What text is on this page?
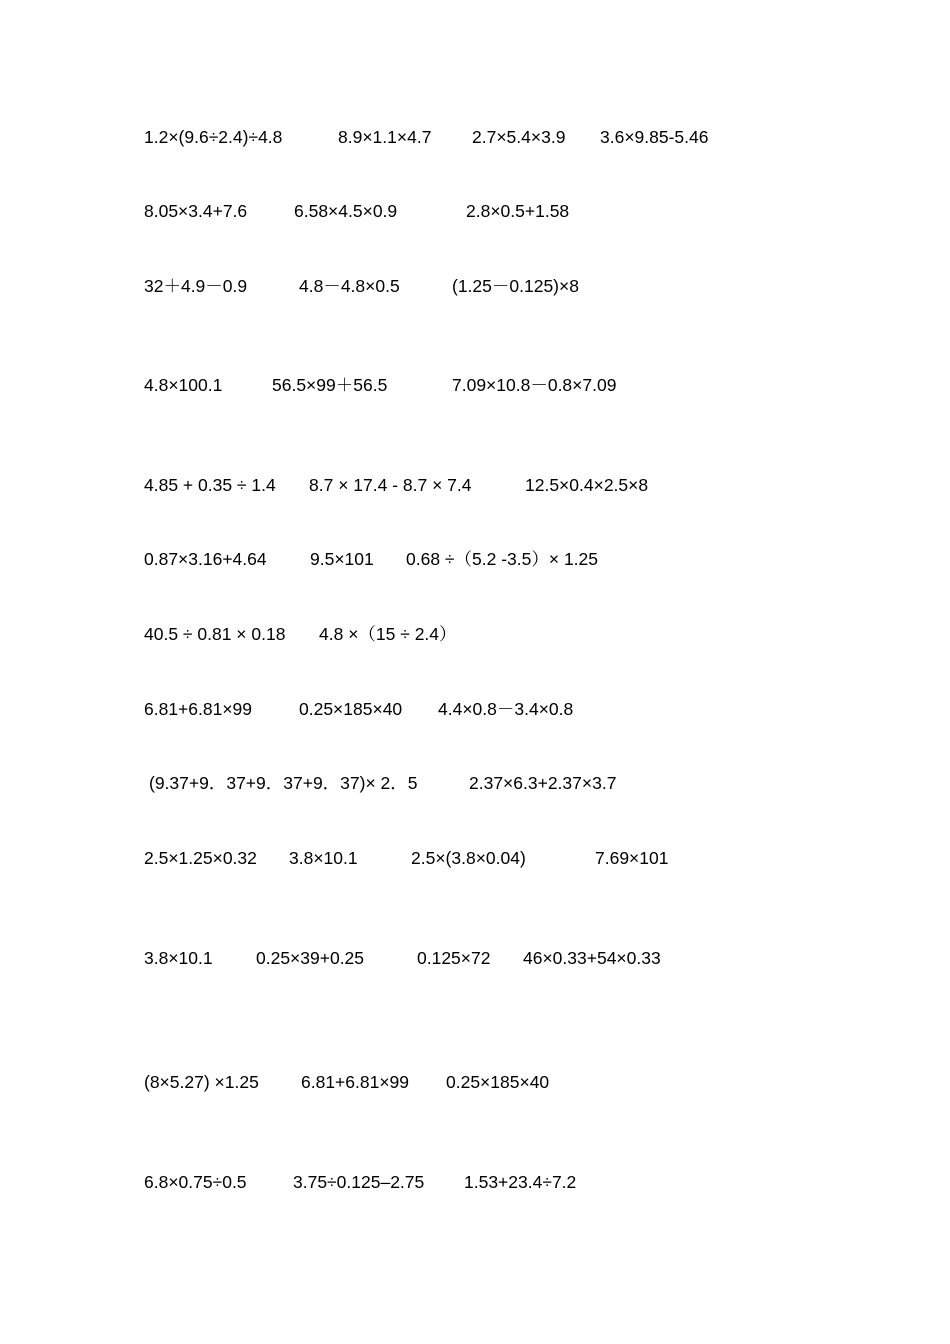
1.2×(9.6÷2.4)÷4.8	8.9×1.1×4.7 2.7×5.4×3.9 3.6×9.85-5.46
8.05×3.4+7.6	6.58×4.5×0.9	2.8×0.5+1.58
32＋4.9－0.9	4.8－4.8×0.5	(1.25－0.125)×8
4.8×100.1	56.5×99＋56.5	7.09×10.8－0.8×7.09
4.85 + 0.35 ÷ 1.4 8.7 × 17.4 - 8.7 × 7.4	12.5×0.4×2.5×8
0.87×3.16+4.64 9.5×101 0.68 ÷（5.2 -3.5）× 1.25
40.5 ÷ 0.81 × 0.18 4.8 ×（15 ÷ 2.4）
6.81+6.81×99	0.25×185×40 4.4×0.8－3.4×0.8
(9.37+9．37+9．37+9．37)× 2．5	2.37×6.3+2.37×3.7
2.5×1.25×0.32 3.8×10.1	2.5×(3.8×0.04)	7.69×101
3.8×10.1 0.25×39+0.25	0.125×72 46×0.33+54×0.33
(8×5.27) ×1.25 6.81+6.81×99 0.25×185×40
6.8×0.75÷0.5	3.75÷0.125–2.75 1.53+23.4÷7.2
